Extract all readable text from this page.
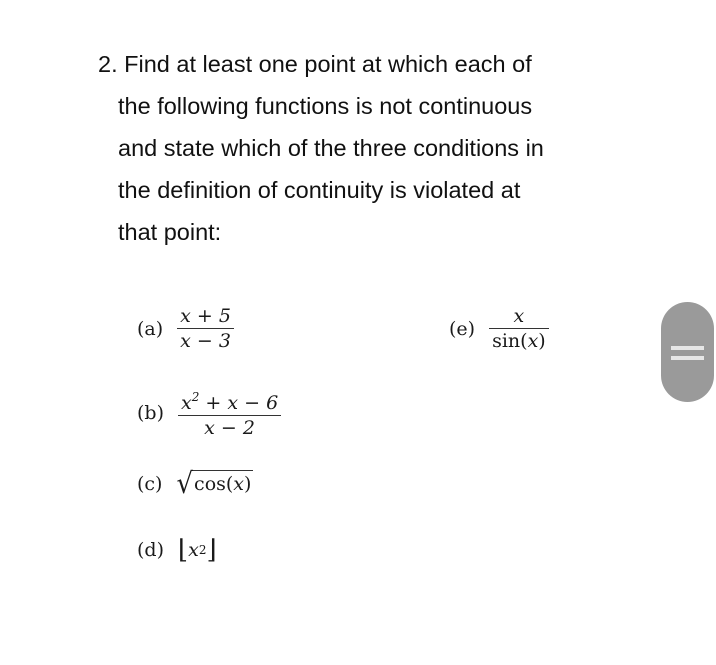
2. Find at least one point at which each of
the following functions is not continuous
and state which of the three conditions in
the definition of continuity is violated at
that point:
$(a) \frac{x + 5}{x - 3}$
$(b) \frac{x^2 + x - 6}{x - 2}$
(c) √ cos(x)
(d) ⌊ x 2 ⌋
$(e) \frac{x}{\sin(x)}$
